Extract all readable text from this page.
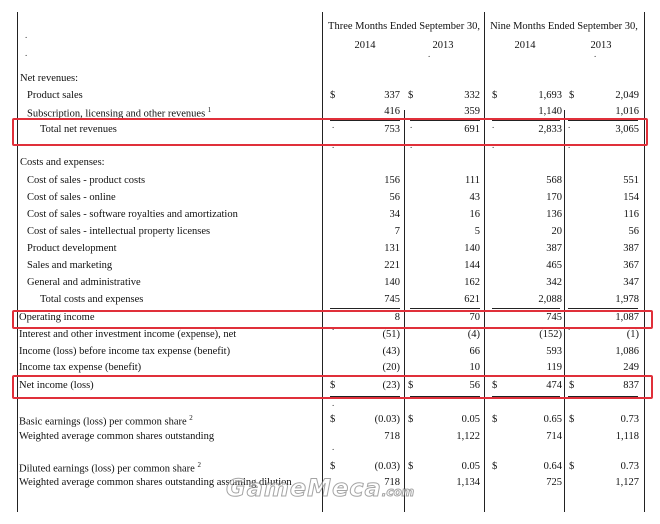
Three Months Ended September 30, Nine Months Ended September 30,
2014	2013	2014	2013
.
.	.	.
Net revenues:
Product sales	$	337 $	332 $	1,693 $	2,049
Subscription, licensing and other revenues $^1$	416	359	1,140	1,016
Total net revenues	753	691	2,833	3,065
Costs and expenses:
Cost of sales - product costs	156	111	568	551
Cost of sales - online	56	43	170	154
Cost of sales - software royalties and amortization	34	16	136	116
Cost of sales - intellectual property licenses	7	5	20	56
Product development	131	140	387	387
Sales and marketing	221	144	465	367
General and administrative	140	162	342	347
Total costs and expenses	745	621	2,088	1,978
Operating income	8	70	745	1,087
Interest and other investment income (expense), net	(51)	(4)	(152)	(1)
Income (loss) before income tax expense (benefit)	(43)	66	593	1,086
Income tax expense (benefit)	(20)	10	119	249
Net income (loss)	$	(23) $	56 $	474 $	837
Basic earnings (loss) per common share $^2$	$	(0.03) $	0.05 $	0.65 $	0.73
Weighted average common shares outstanding	718	1,122	714	1,118
Diluted earnings (loss) per common share $^2$	$	(0.03) $	0.05 $	0.64 $	0.73
Weighted average common shares outstanding assuming dilution	718	1,134	725	1,127
.
.
.
.
.	.	.
.
.	.	.	.
GameMeca.com
